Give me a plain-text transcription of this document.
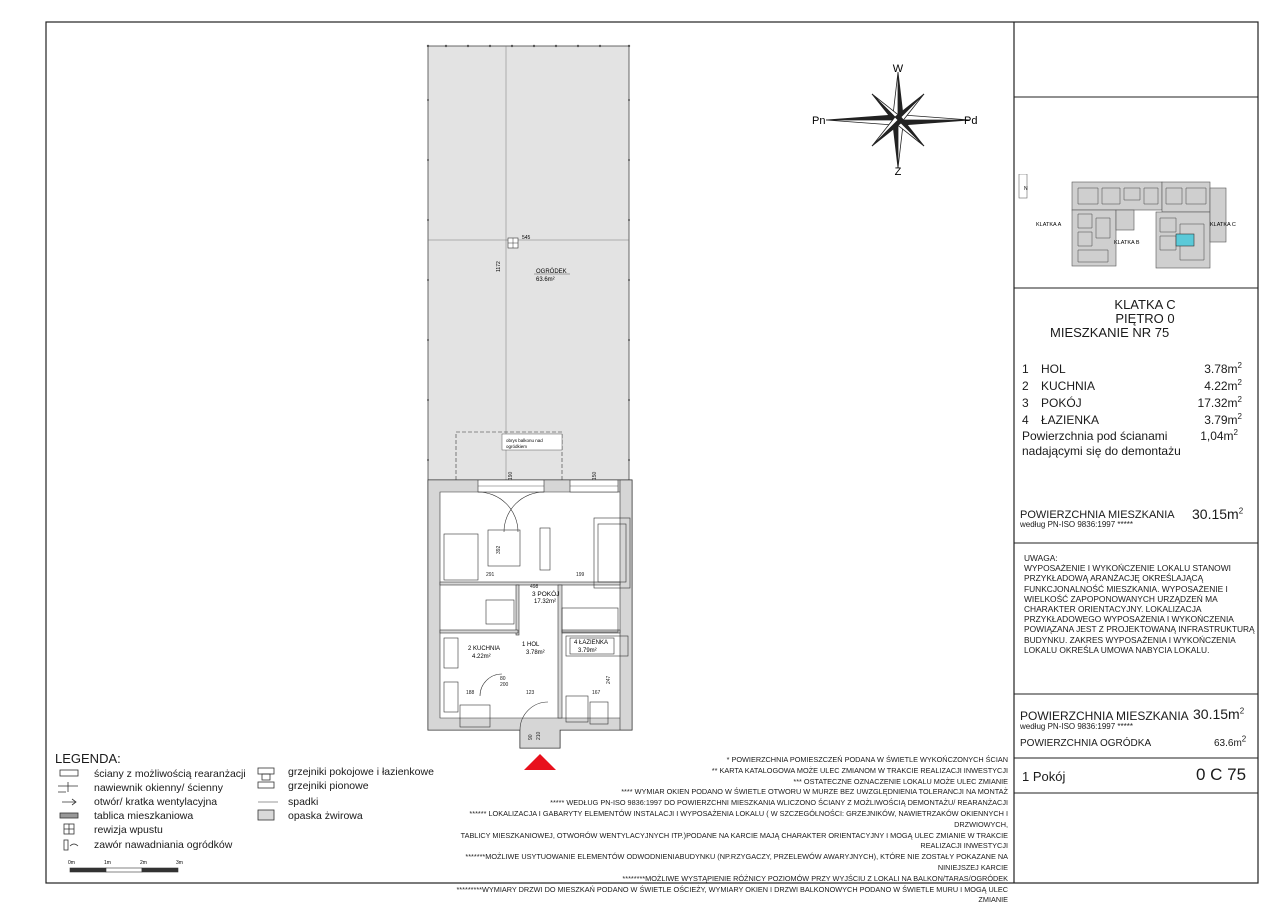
W
Z
Pn	Pd
N
KLATKA A
KLATKA B
KLATKA C
545
1172	OGRÓDEK
63.6m²
obrys balkonu nad
ogródkiem
3 POKÓJ
17.32m²
2 KUCHNIA
4.22m²
1 HOL
3.78m²
4 ŁAZIENKA
3.79m²
291
498
199
392
188	123	167
80
200
90 210
247
190	150
KLATKA C
PIĘTRO 0
MIESZKANIE NR 75
1	HOL	$3.78m^2$
2	KUCHNIA	$4.22m^2$
3	POKÓJ	$17.32m^2$
4	ŁAZIENKA	$3.79m^2$
Powierzchnia pod ścianami
nadającymi się do demontażu
$1,04m^2$
POWIERZCHNIA MIESZKANIA
według PN-ISO 9836:1997 *****
$30.15m^2$
UWAGA:
WYPOSAŻENIE I WYKOŃCZENIE LOKALU STANOWI PRZYKŁADOWĄ ARANŻACJĘ OKREŚLAJĄCĄ FUNKCJONALNOŚĆ MIESZKANIA. WYPOSAŻENIE I WIELKOŚĆ ZAPOPONOWANYCH URZĄDZEŃ MA CHARAKTER ORIENTACYJNY. LOKALIZACJA PRZYKŁADOWEGO WYPOSAŻENIA I WYKOŃCZENIA POWIĄZANA JEST Z PROJEKTOWANĄ INFRASTRUKTURĄ BUDYNKU. ZAKRES WYPOSAŻENIA I WYKOŃCZENIA LOKALU OKREŚLA UMOWA NABYCIA LOKALU.
POWIERZCHNIA MIESZKANIA
według PN-ISO 9836:1997 *****
$30.15m^2$
POWIERZCHNIA OGRÓDKA	$63.6m^2$
1 Pokój	0 C 75
* POWIERZCHNIA POMIESZCZEŃ PODANA W ŚWIETLE WYKOŃCZONYCH ŚCIAN
** KARTA KATALOGOWA MOŻE ULEC ZMIANOM W TRAKCIE REALIZACJI INWESTYCJI
*** OSTATECZNE OZNACZENIE LOKALU MOŻE ULEC ZMIANIE
**** WYMIAR OKIEN PODANO W ŚWIETLE OTWORU W MURZE BEZ UWZGLĘDNIENIA TOLERANCJI NA MONTAŻ
***** WEDŁUG PN-ISO 9836:1997 DO POWIERZCHNI MIESZKANIA WLICZONO ŚCIANY Z MOŻLIWOŚCIĄ DEMONTAŻU/ REARANŻACJI
****** LOKALIZACJA I GABARYTY ELEMENTÓW INSTALACJI I WYPOSAŻENIA LOKALU ( W SZCZEGÓLNOŚCI: GRZEJNIKÓW, NAWIETRZAKÓW OKIENNYCH I DRZWIOWYCH,
TABLICY MIESZKANIOWEJ, OTWORÓW WENTYLACYJNYCH ITP.)PODANE NA KARCIE MAJĄ CHARAKTER ORIENTACYJNY I MOGĄ ULEC ZMIANIE W TRAKCIE REALIZACJI INWESTYCJI
*******MOŻLIWE USYTUOWANIE ELEMENTÓW ODWODNIENIABUDYNKU (NP.RZYGACZY, PRZELEWÓW AWARYJNYCH), KTÓRE NIE ZOSTAŁY POKAZANE NA NINIEJSZEJ KARCIE
********MOŻLIWE WYSTĄPIENIE RÓŻNICY POZIOMÓW PRZY WYJŚCIU Z LOKALI NA BALKON/TARAS/OGRÓDEK
*********WYMIARY DRZWI DO MIESZKAŃ PODANO W ŚWIETLE OŚCIEŻY, WYMIARY OKIEN I DRZWI BALKONOWYCH PODANO W ŚWIETLE MURU I MOGĄ ULEC ZMIANIE
LEGENDA:
0m	1m	2m	3m
ściany z możliwością rearanżacji
nawiewnik okienny/ ścienny
otwór/ kratka wentylacyjna
tablica mieszkaniowa
rewizja wpustu
zawór nawadniania ogródków
grzejniki pokojowe i łazienkowe
grzejniki pionowe
spadki
opaska żwirowa
